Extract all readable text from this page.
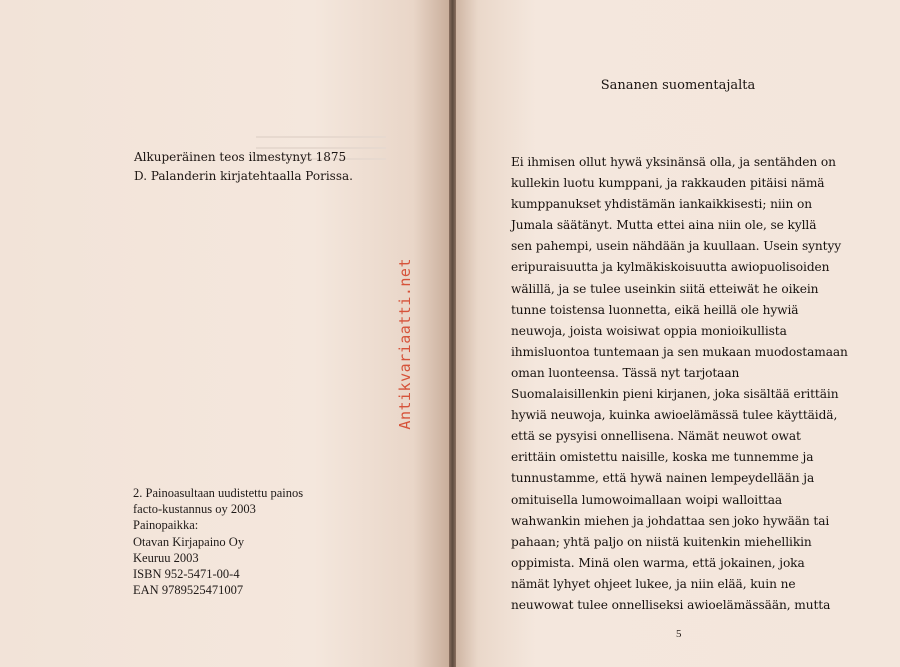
Alkuperäinen teos ilmestynyt 1875
D. Palanderin kirjatehtaalla Porissa.
Antikvariaatti.net
2. Painoasultaan uudistettu painos
facto-kustannus oy 2003
Painopaikka:
Otavan Kirjapaino Oy
Keuruu 2003
ISBN 952-5471-00-4
EAN 9789525471007
Sananen suomentajalta
Ei ihmisen ollut hywä yksinänsä olla, ja sentähden on
kullekin luotu kumppani, ja rakkauden pitäisi nämä
kumppanukset yhdistämän iankaikkisesti; niin on
Jumala säätänyt. Mutta ettei aina niin ole, se kyllä
sen pahempi, usein nähdään ja kuullaan. Usein syntyy
eripuraisuutta ja kylmäkiskoisuutta awiopuolisoiden
wälillä, ja se tulee useinkin siitä etteiwät he oikein
tunne toistensa luonnetta, eikä heillä ole hywiä
neuwoja, joista woisiwat oppia monioikullista
ihmisluontoa tuntemaan ja sen mukaan muodostamaan
oman luonteensa. Tässä nyt tarjotaan
Suomalaisillenkin pieni kirjanen, joka sisältää erittäin
hywiä neuwoja, kuinka awioelämässä tulee käyttäidä,
että se pysyisi onnellisena. Nämät neuwot owat
erittäin omistettu naisille, koska me tunnemme ja
tunnustamme, että hywä nainen lempeydellään ja
omituisella lumowoimallaan woipi walloittaa
wahwankin miehen ja johdattaa sen joko hywään tai
pahaan; yhtä paljo on niistä kuitenkin miehellikin
oppimista. Minä olen warma, että jokainen, joka
nämät lyhyet ohjeet lukee, ja niin elää, kuin ne
neuwowat tulee onnelliseksi awioelämässään, mutta
5
